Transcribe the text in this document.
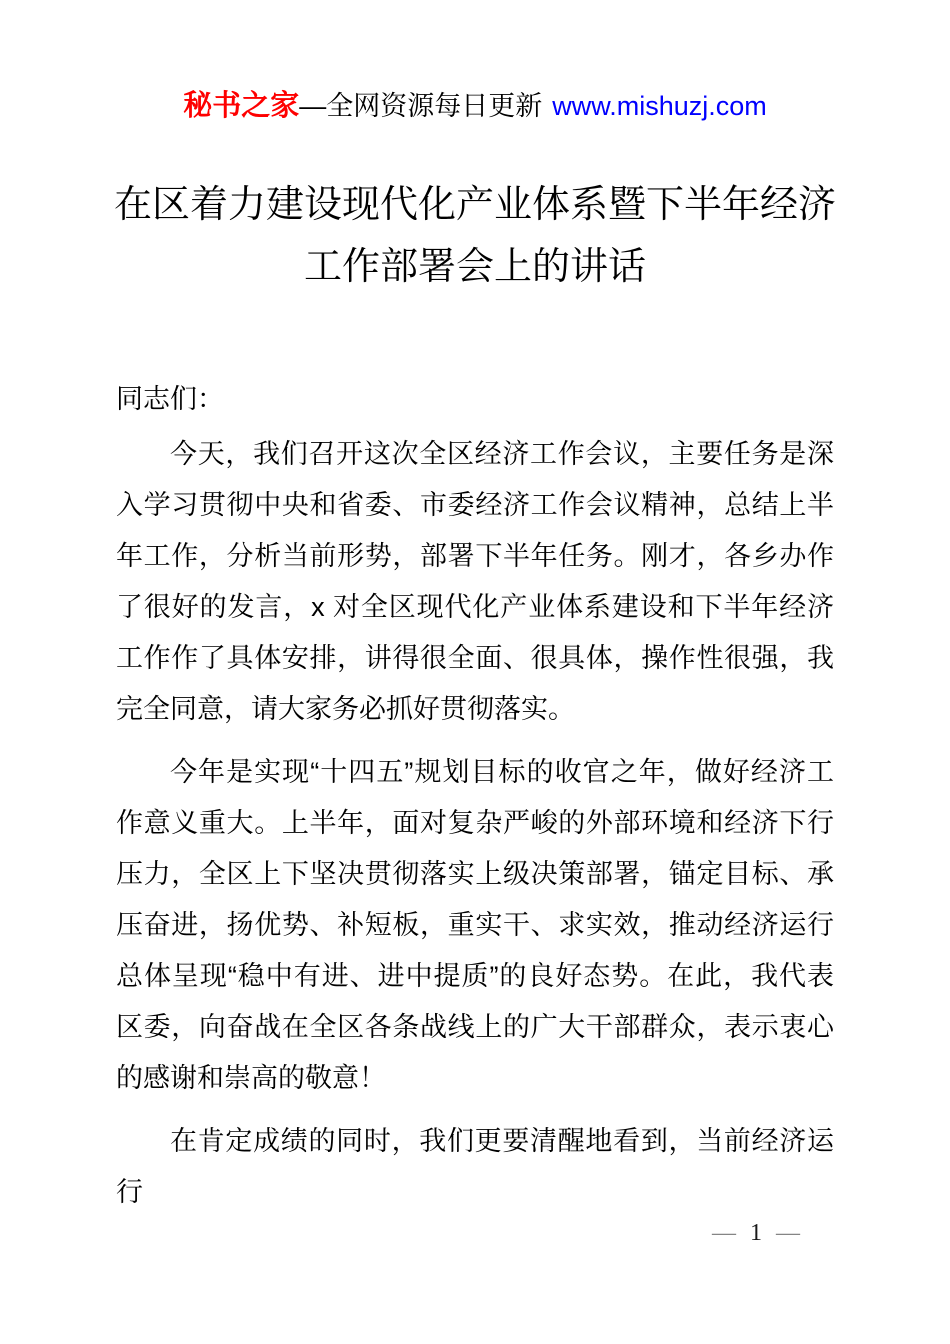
秘书之家—全网资源每日更新 www.mishuzj.com
在区着力建设现代化产业体系暨下半年经济
工作部署会上的讲话

同志们：

今天，我们召开这次全区经济工作会议，主要任务是深入学习贯彻中央和省委、市委经济工作会议精神，总结上半年工作，分析当前形势，部署下半年任务。刚才，各乡办作了很好的发言，x 对全区现代化产业体系建设和下半年经济工作作了具体安排，讲得很全面、很具体，操作性很强，我完全同意，请大家务必抓好贯彻落实。

今年是实现“十四五”规划目标的收官之年，做好经济工作意义重大。上半年，面对复杂严峻的外部环境和经济下行压力，全区上下坚决贯彻落实上级决策部署，锚定目标、承压奋进，扬优势、补短板，重实干、求实效，推动经济运行总体呈现“稳中有进、进中提质”的良好态势。在此，我代表区委，向奋战在全区各条战线上的广大干部群众，表示衷心的感谢和崇高的敬意！

在肯定成绩的同时，我们更要清醒地看到，当前经济运行

— 1 —
